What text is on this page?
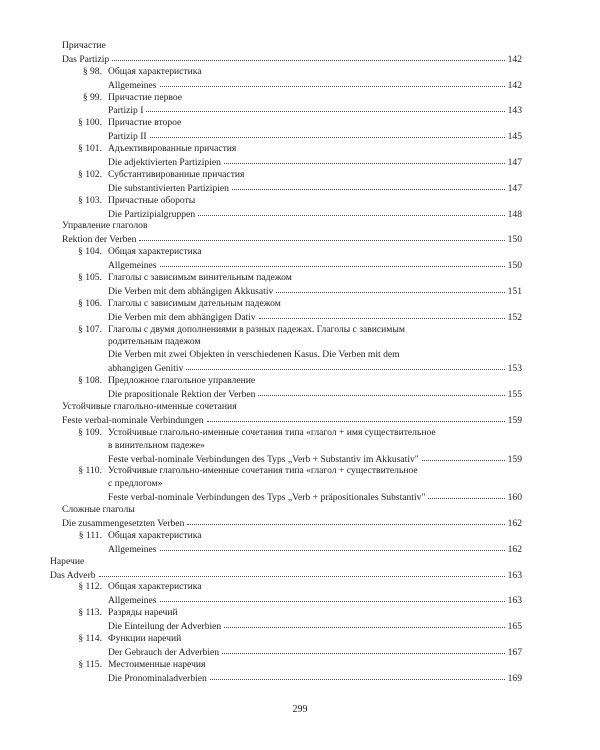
Причастие
Das Partizip	142
§ 98. Общая характеристика
Allgemeines	142
§ 99. Причастие первое
Partizip I	143
§ 100. Причастие второе
Partizip II	145
§ 101. Адъективированные причастия
Die adjektivierten Partizipien	147
§ 102. Субстантивированные причастия
Die substantivierten Partizipien	147
§ 103. Причастные обороты
Die Partizipialgruppen	148
Управление глаголов
Rektion der Verben	150
§ 104. Общая характеристика
Allgemeines	150
§ 105. Глаголы с зависимым винительным падежом
Die Verben mit dem abhängigen Akkusativ	151
§ 106. Глаголы с зависимым дательным падежом
Die Verben mit dem abhängigen Dativ	152
§ 107. Глаголы с двумя дополнениями в разных падежах. Глаголы с зависимым
родительным падежом
Die Verben mit zwei Objekten in verschiedenen Kasus. Die Verben mit dem
abhangigen Genitiv	153
§ 108. Предложное глагольное управление
Die prapositionale Rektion der Verben	155
Устойчивые глагольно-именные сочетания
Feste verbal-nominale Verbindungen	159
§ 109. Устойчивые глагольно-именные сочетания типа «глагол + имя существительное
в винительном падеже»
Feste verbal-nominale Verbindungen des Typs „Verb + Substantiv im Akkusativ"	159
§ 110. Устойчивые глагольно-именные сочетания типа «глагол + существительное
с предлогом»
Feste verbal-nominale Verbindungen des Typs „Verb + präpositionales Substantiv"	160
Сложные глаголы
Die zusammengesetzten Verben	162
§ 111. Общая характеристика
Allgemeines	162
Наречие
Das Adverb	163
§ 112. Общая характеристика
Allgemeines	163
§ 113. Разряды наречий
Die Einteilung der Adverbien	165
§ 114. Функции наречий
Der Gebrauch der Adverbien	167
§ 115. Местоименные наречия
Die Pronominaladverbien	169
299
